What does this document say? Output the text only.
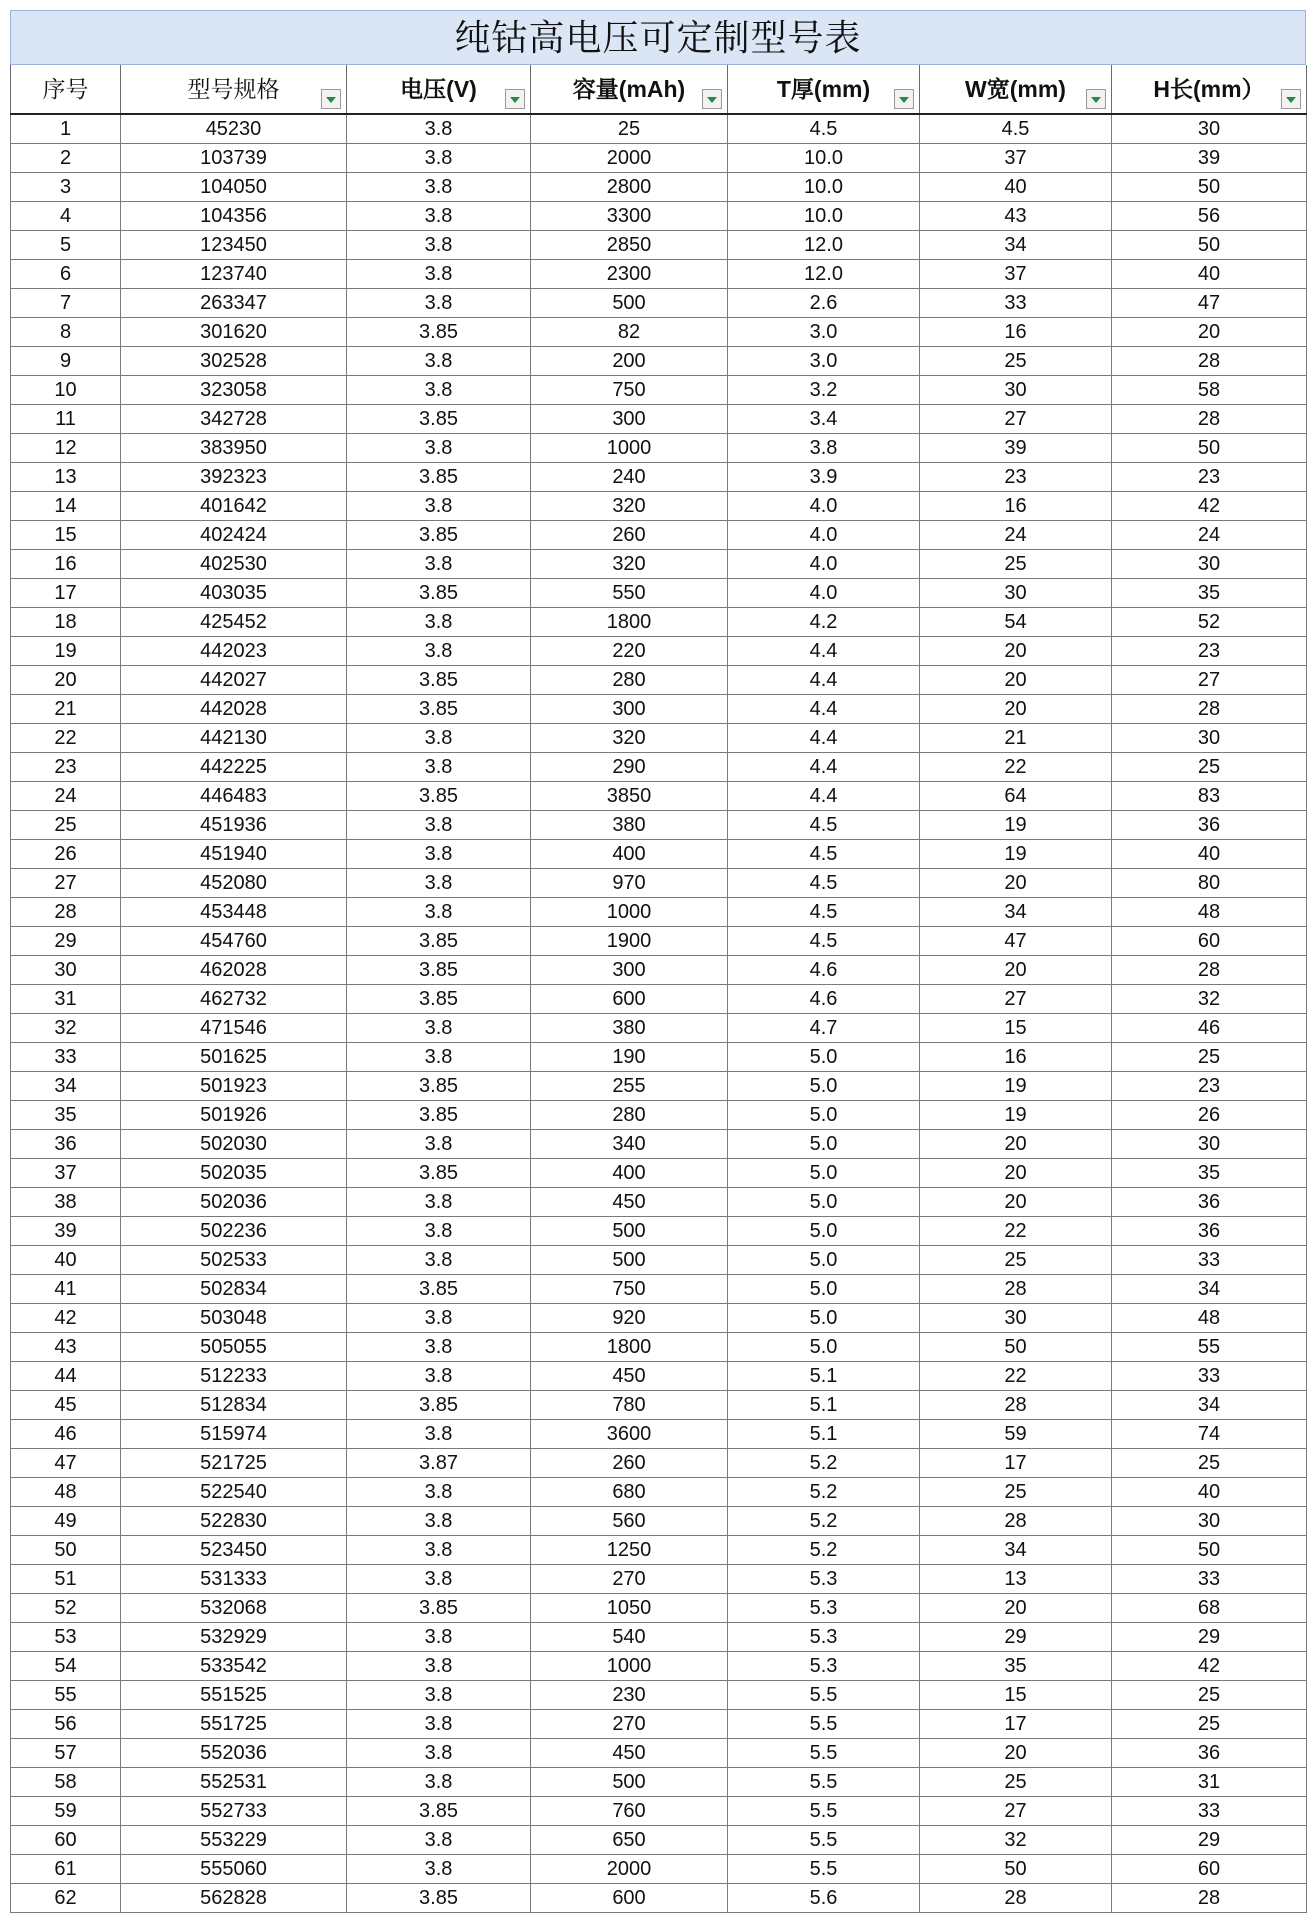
纯钴高电压可定制型号表
序号	型号规格	电压(V)	容量(mAh)	T厚(mm)	W宽(mm)	H长(mm）

1	45230	3.8	25	4.5	4.5	30
2	103739	3.8	2000	10.0	37	39
3	104050	3.8	2800	10.0	40	50
4	104356	3.8	3300	10.0	43	56
5	123450	3.8	2850	12.0	34	50
6	123740	3.8	2300	12.0	37	40
7	263347	3.8	500	2.6	33	47
8	301620	3.85	82	3.0	16	20
9	302528	3.8	200	3.0	25	28
10	323058	3.8	750	3.2	30	58
11	342728	3.85	300	3.4	27	28
12	383950	3.8	1000	3.8	39	50
13	392323	3.85	240	3.9	23	23
14	401642	3.8	320	4.0	16	42
15	402424	3.85	260	4.0	24	24
16	402530	3.8	320	4.0	25	30
17	403035	3.85	550	4.0	30	35
18	425452	3.8	1800	4.2	54	52
19	442023	3.8	220	4.4	20	23
20	442027	3.85	280	4.4	20	27
21	442028	3.85	300	4.4	20	28
22	442130	3.8	320	4.4	21	30
23	442225	3.8	290	4.4	22	25
24	446483	3.85	3850	4.4	64	83
25	451936	3.8	380	4.5	19	36
26	451940	3.8	400	4.5	19	40
27	452080	3.8	970	4.5	20	80
28	453448	3.8	1000	4.5	34	48
29	454760	3.85	1900	4.5	47	60
30	462028	3.85	300	4.6	20	28
31	462732	3.85	600	4.6	27	32
32	471546	3.8	380	4.7	15	46
33	501625	3.8	190	5.0	16	25
34	501923	3.85	255	5.0	19	23
35	501926	3.85	280	5.0	19	26
36	502030	3.8	340	5.0	20	30
37	502035	3.85	400	5.0	20	35
38	502036	3.8	450	5.0	20	36
39	502236	3.8	500	5.0	22	36
40	502533	3.8	500	5.0	25	33
41	502834	3.85	750	5.0	28	34
42	503048	3.8	920	5.0	30	48
43	505055	3.8	1800	5.0	50	55
44	512233	3.8	450	5.1	22	33
45	512834	3.85	780	5.1	28	34
46	515974	3.8	3600	5.1	59	74
47	521725	3.87	260	5.2	17	25
48	522540	3.8	680	5.2	25	40
49	522830	3.8	560	5.2	28	30
50	523450	3.8	1250	5.2	34	50
51	531333	3.8	270	5.3	13	33
52	532068	3.85	1050	5.3	20	68
53	532929	3.8	540	5.3	29	29
54	533542	3.8	1000	5.3	35	42
55	551525	3.8	230	5.5	15	25
56	551725	3.8	270	5.5	17	25
57	552036	3.8	450	5.5	20	36
58	552531	3.8	500	5.5	25	31
59	552733	3.85	760	5.5	27	33
60	553229	3.8	650	5.5	32	29
61	555060	3.8	2000	5.5	50	60
62	562828	3.85	600	5.6	28	28
